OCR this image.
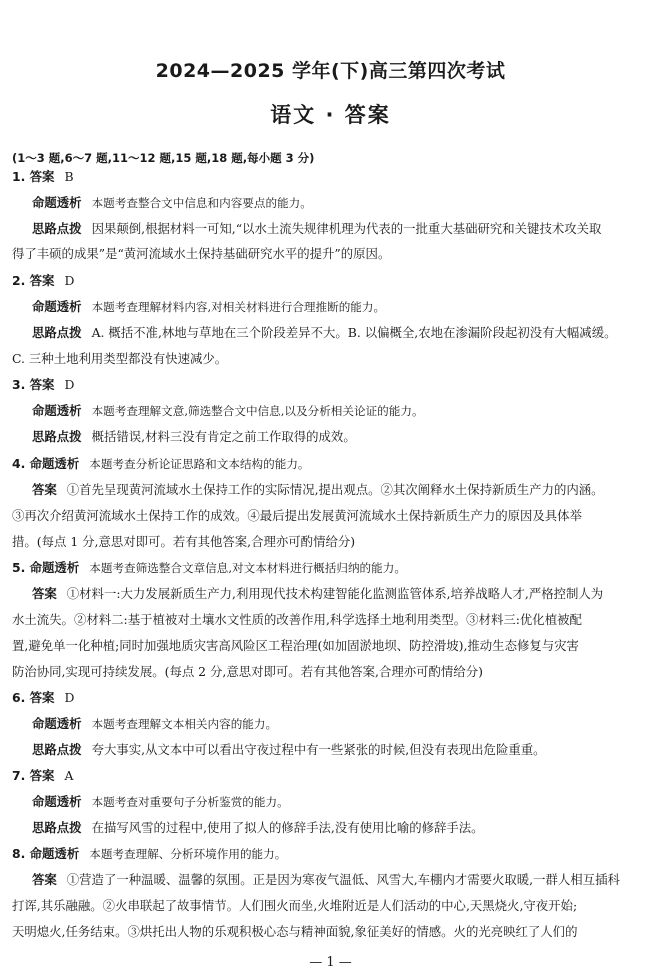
2024—2025 学年(下)高三第四次考试
语文 · 答案
(1～3 题,6～7 题,11～12 题,15 题,18 题,每小题 3 分)
1. 答案 B
命题透析 本题考查整合文中信息和内容要点的能力。
思路点拨 因果颠倒,根据材料一可知,“以水土流失规律机理为代表的一批重大基础研究和关键技术攻关取
得了丰硕的成果”是“黄河流域水土保持基础研究水平的提升”的原因。
2. 答案 D
命题透析 本题考查理解材料内容,对相关材料进行合理推断的能力。
思路点拨 A. 概括不准,林地与草地在三个阶段差异不大。B. 以偏概全,农地在渗漏阶段起初没有大幅减缓。
C. 三种土地利用类型都没有快速减少。
3. 答案 D
命题透析 本题考查理解文意,筛选整合文中信息,以及分析相关论证的能力。
思路点拨 概括错误,材料三没有肯定之前工作取得的成效。
4. 命题透析 本题考查分析论证思路和文本结构的能力。
答案 ①首先呈现黄河流域水土保持工作的实际情况,提出观点。②其次阐释水土保持新质生产力的内涵。
③再次介绍黄河流域水土保持工作的成效。④最后提出发展黄河流域水土保持新质生产力的原因及具体举
措。(每点 1 分,意思对即可。若有其他答案,合理亦可酌情给分)
5. 命题透析 本题考查筛选整合文章信息,对文本材料进行概括归纳的能力。
答案 ①材料一:大力发展新质生产力,利用现代技术构建智能化监测监管体系,培养战略人才,严格控制人为
水土流失。②材料二:基于植被对土壤水文性质的改善作用,科学选择土地利用类型。③材料三:优化植被配
置,避免单一化种植;同时加强地质灾害高风险区工程治理(如加固淤地坝、防控滑坡),推动生态修复与灾害
防治协同,实现可持续发展。(每点 2 分,意思对即可。若有其他答案,合理亦可酌情给分)
6. 答案 D
命题透析 本题考查理解文本相关内容的能力。
思路点拨 夸大事实,从文本中可以看出守夜过程中有一些紧张的时候,但没有表现出危险重重。
7. 答案 A
命题透析 本题考查对重要句子分析鉴赏的能力。
思路点拨 在描写风雪的过程中,使用了拟人的修辞手法,没有使用比喻的修辞手法。
8. 命题透析 本题考查理解、分析环境作用的能力。
答案 ①营造了一种温暖、温馨的氛围。正是因为寒夜气温低、风雪大,车棚内才需要火取暖,一群人相互插科
打诨,其乐融融。②火串联起了故事情节。人们围火而坐,火堆附近是人们活动的中心,天黑烧火,守夜开始;
天明熄火,任务结束。③烘托出人物的乐观积极心态与精神面貌,象征美好的情感。火的光亮映红了人们的
— 1 —
